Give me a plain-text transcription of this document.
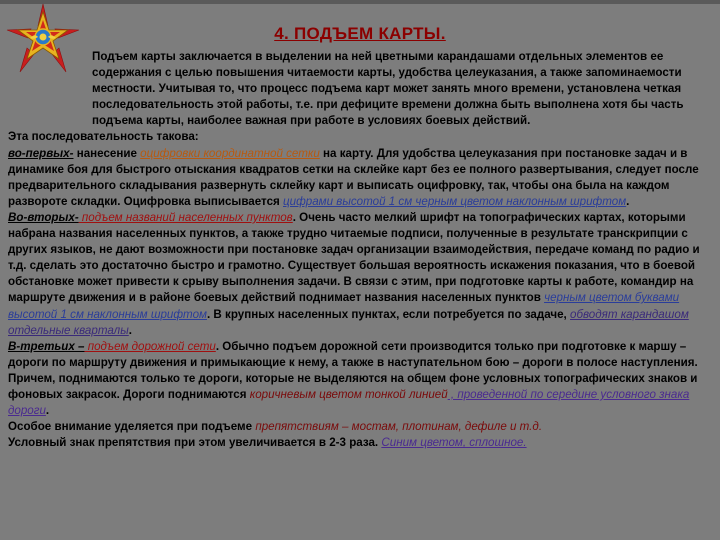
4. ПОДЪЕМ КАРТЫ.

Подъем карты заключается в выделении на ней цветными карандашами отдельных элементов ее содержания с целью повышения читаемости карты, удобства целеуказания, а также запоминаемости местности. Учитывая то, что процесс подъема карт может занять много времени, установлена четкая последовательность этой работы, т.е. при дефиците времени должна быть выполнена хотя бы часть подъема карты, наиболее важная при работе в условиях боевых действий.

Эта последовательность такова:

во-первых- нанесение оцифровки координатной сетки на карту. Для удобства целеуказания при постановке задач и в динамике боя для быстрого отыскания квадратов сетки на склейке карт без ее полного развертывания, следует после предварительного складывания развернуть склейку карт и выписать оцифровку, так, чтобы она была на каждом развороте складки. Оцифровка выписывается цифрами высотой 1 см черным цветом наклонным шрифтом.

Во-вторых- подъем названий населенных пунктов. Очень часто мелкий шрифт на топографических картах, которыми набрана названия населенных пунктов, а также трудно читаемые подписи, полученные в результате транскрипции с других языков, не дают возможности при постановке задач организации взаимодействия, передаче команд по радио и т.д. сделать это достаточно быстро и грамотно. Существует большая вероятность искажения показания, что в боевой обстановке может привести к срыву выполнения задачи. В связи с этим, при подготовке карты к работе, командир на маршруте движения и в районе боевых действий поднимает названия населенных пунктов черным цветом буквами высотой 1 см наклонным шрифтом. В крупных населенных пунктах, если потребуется по задаче, обводят карандашом отдельные кварталы.

В-третьих – подъем дорожной сети. Обычно подъем дорожной сети производится только при подготовке к маршу – дороги по маршруту движения и примыкающие к нему, а также в наступательном бою – дороги в полосе наступления. Причем, поднимаются только те дороги, которые не выделяются на общем фоне условных топографических знаков и фоновых закрасок. Дороги поднимаются коричневым цветом тонкой линией , проведенной по середине условного знака дороги.

Особое внимание уделяется при подъеме препятствиям – мостам, плотинам, дефиле и т.д.

Условный знак препятствия при этом увеличивается в 2-3 раза. Синим цветом, сплошное.
